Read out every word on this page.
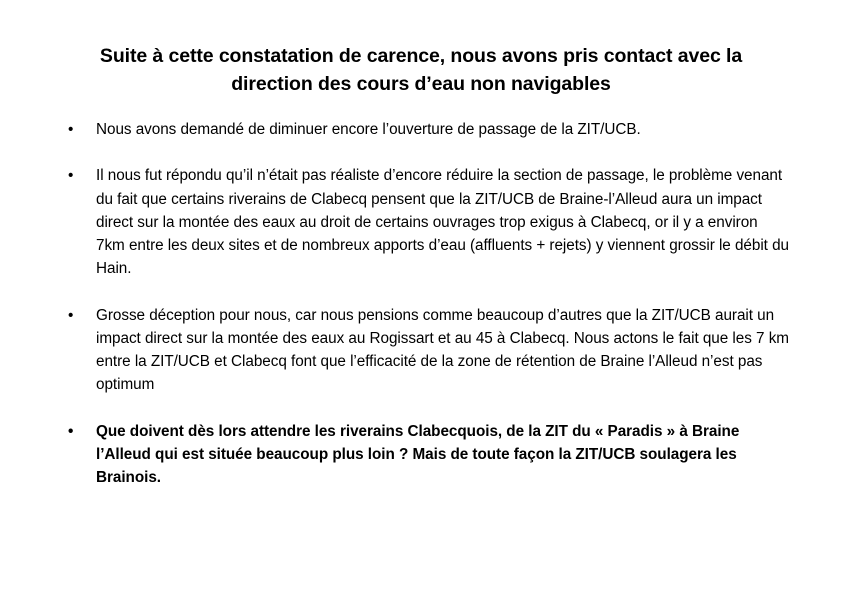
Suite à cette constatation de carence, nous avons pris contact avec la direction des cours d’eau non navigables
• Nous avons demandé de diminuer encore l’ouverture de passage de la ZIT/UCB.
• Il nous fut répondu qu’il n’était pas réaliste d’encore réduire la section de passage, le problème venant du fait que certains riverains de Clabecq pensent que la ZIT/UCB de Braine-l’Alleud aura un impact direct sur la montée des eaux au droit de certains ouvrages trop exigus à Clabecq, or il y a environ 7km entre les deux sites et de nombreux apports d’eau (affluents + rejets) y viennent grossir le débit du Hain.
• Grosse déception pour nous, car nous pensions comme beaucoup d’autres que la ZIT/UCB aurait un impact direct sur la montée des eaux au Rogissart et au 45 à Clabecq. Nous actons le fait que les 7 km entre la ZIT/UCB et Clabecq font que l’efficacité de la zone de rétention de Braine l’Alleud n’est pas optimum
• Que doivent dès lors attendre les riverains Clabecquois, de la ZIT du « Paradis » à Braine l’Alleud qui est située beaucoup plus loin ? Mais de toute façon la ZIT/UCB soulagera les Brainois.
